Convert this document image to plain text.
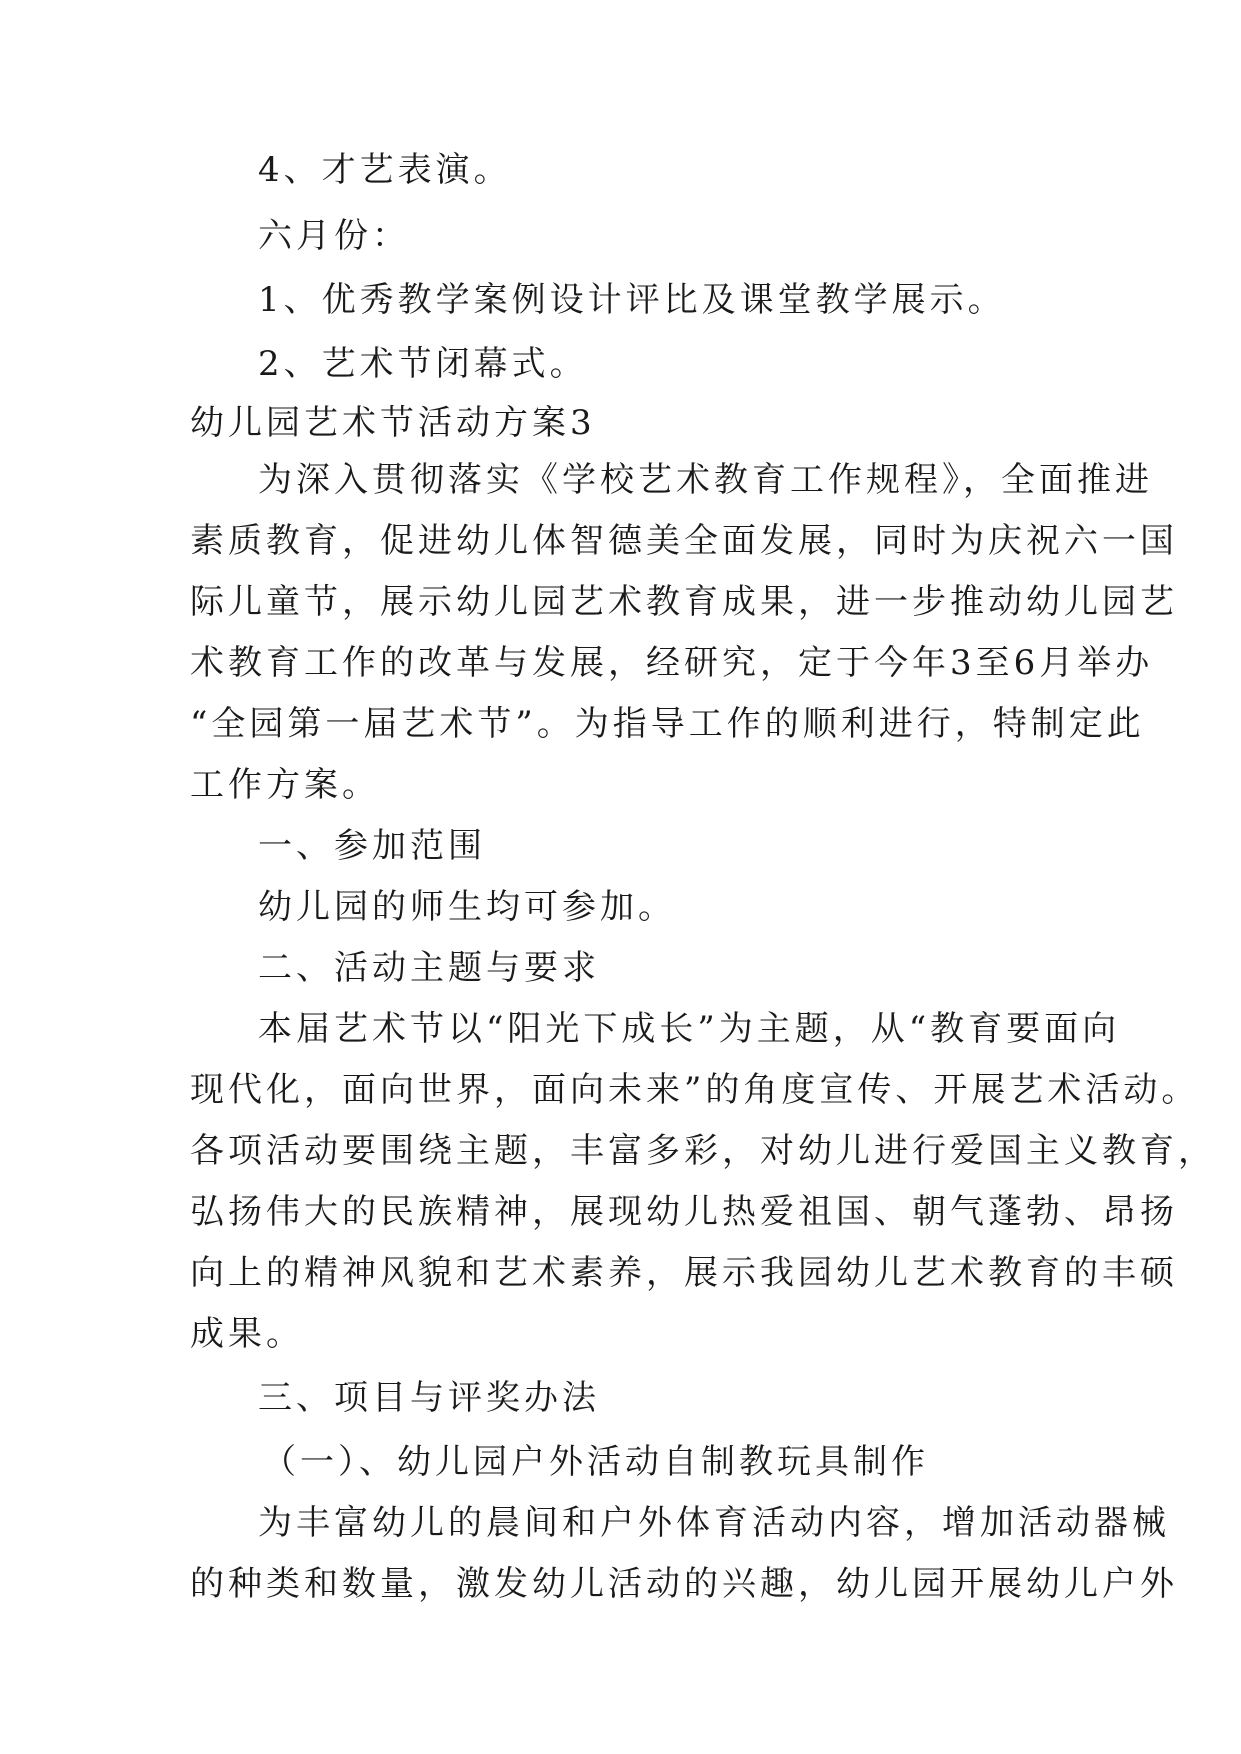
4、才艺表演。
六月份：
1、优秀教学案例设计评比及课堂教学展示。
2、艺术节闭幕式。
幼儿园艺术节活动方案3
为深入贯彻落实《学校艺术教育工作规程》，全面推进
素质教育，促进幼儿体智德美全面发展，同时为庆祝六一国
际儿童节，展示幼儿园艺术教育成果，进一步推动幼儿园艺
术教育工作的改革与发展，经研究，定于今年3至6月举办
“全园第一届艺术节”。为指导工作的顺利进行，特制定此
工作方案。
一、参加范围
幼儿园的师生均可参加。
二、活动主题与要求
本届艺术节以“阳光下成长”为主题，从“教育要面向
现代化，面向世界，面向未来”的角度宣传、开展艺术活动。
各项活动要围绕主题，丰富多彩，对幼儿进行爱国主义教育，
弘扬伟大的民族精神，展现幼儿热爱祖国、朝气蓬勃、昂扬
向上的精神风貌和艺术素养，展示我园幼儿艺术教育的丰硕
成果。
三、项目与评奖办法
（一）、幼儿园户外活动自制教玩具制作
为丰富幼儿的晨间和户外体育活动内容，增加活动器械
的种类和数量，激发幼儿活动的兴趣，幼儿园开展幼儿户外
